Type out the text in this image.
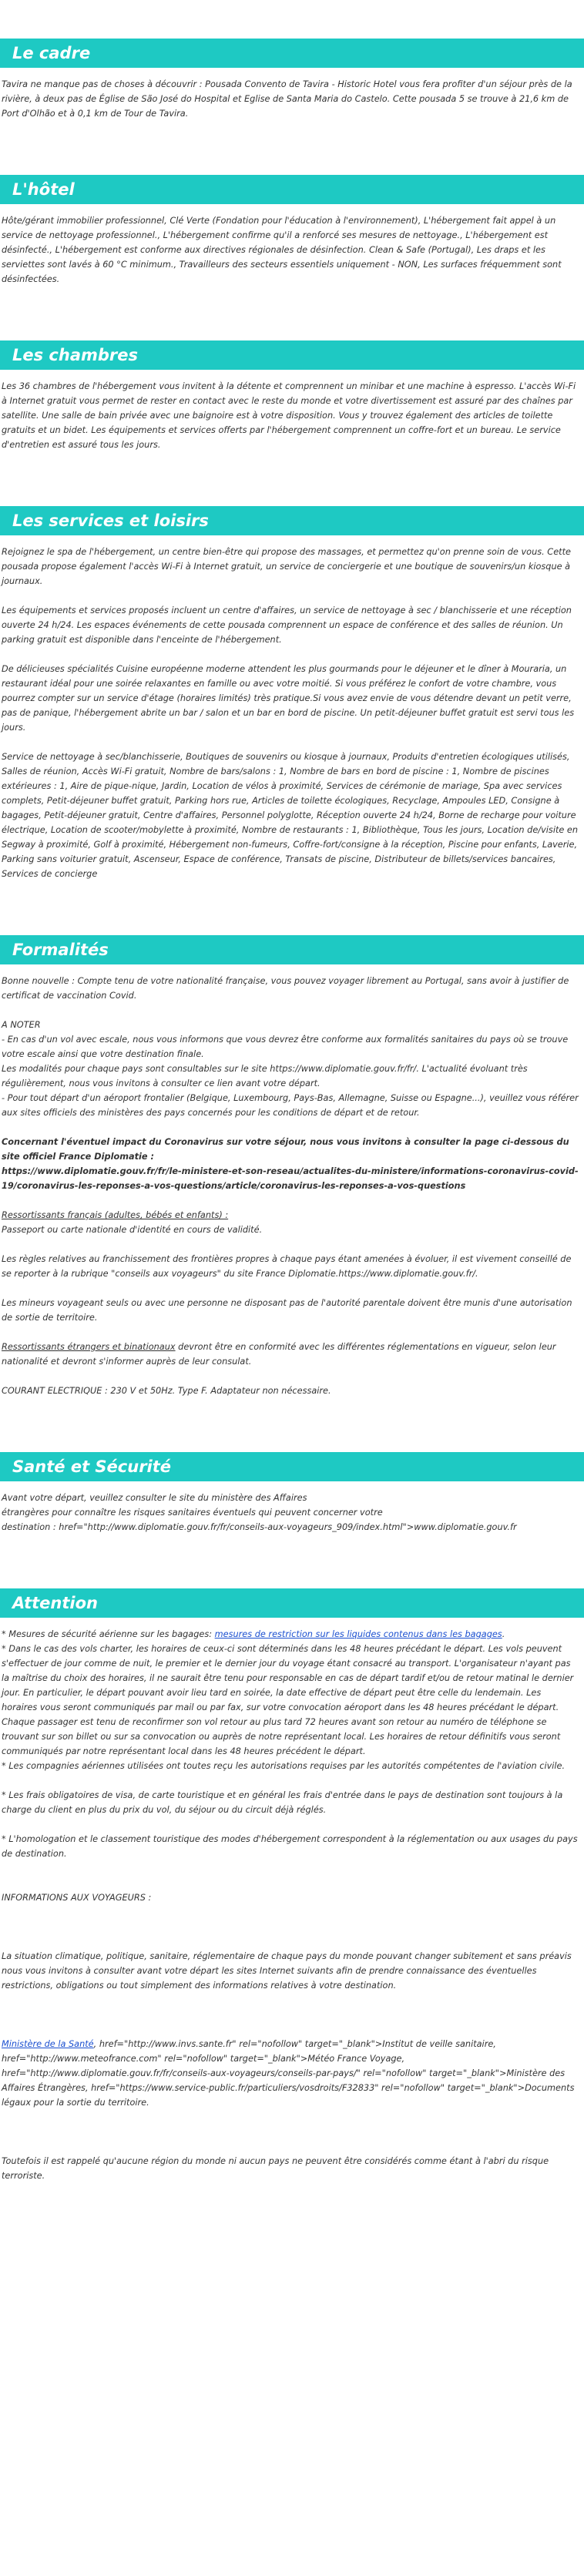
Le cadre

Tavira ne manque pas de choses à découvrir : Pousada Convento de Tavira - Historic Hotel vous fera profiter d'un séjour près de la rivière, à deux pas de Église de São José do Hospital et Eglise de Santa Maria do Castelo. Cette pousada 5 se trouve à 21,6 km de Port d'Olhão et à 0,1 km de Tour de Tavira.

L'hôtel

Hôte/gérant immobilier professionnel, Clé Verte (Fondation pour l'éducation à l'environnement), L'hébergement fait appel à un service de nettoyage professionnel., L'hébergement confirme qu'il a renforcé ses mesures de nettoyage., L'hébergement est désinfecté., L'hébergement est conforme aux directives régionales de désinfection. Clean & Safe (Portugal), Les draps et les serviettes sont lavés à 60 °C minimum., Travailleurs des secteurs essentiels uniquement - NON, Les surfaces fréquemment sont désinfectées.

Les chambres

Les 36 chambres de l'hébergement vous invitent à la détente et comprennent un minibar et une machine à espresso. L'accès Wi-Fi à Internet gratuit vous permet de rester en contact avec le reste du monde et votre divertissement est assuré par des chaînes par satellite. Une salle de bain privée avec une baignoire est à votre disposition. Vous y trouvez également des articles de toilette gratuits et un bidet. Les équipements et services offerts par l'hébergement comprennent un coffre-fort et un bureau. Le service d'entretien est assuré tous les jours.

Les services et loisirs

Rejoignez le spa de l'hébergement, un centre bien-être qui propose des massages, et permettez qu'on prenne soin de vous. Cette pousada propose également l'accès Wi-Fi à Internet gratuit, un service de conciergerie et une boutique de souvenirs/un kiosque à journaux.

Les équipements et services proposés incluent un centre d'affaires, un service de nettoyage à sec / blanchisserie et une réception ouverte 24 h/24. Les espaces événements de cette pousada comprennent un espace de conférence et des salles de réunion. Un parking gratuit est disponible dans l'enceinte de l'hébergement.

De délicieuses spécialités Cuisine européenne moderne attendent les plus gourmands pour le déjeuner et le dîner à Mouraria, un restaurant idéal pour une soirée relaxantes en famille ou avec votre moitié. Si vous préférez le confort de votre chambre, vous pourrez compter sur un service d'étage (horaires limités) très pratique.Si vous avez envie de vous détendre devant un petit verre, pas de panique, l'hébergement abrite un bar / salon et un bar en bord de piscine. Un petit-déjeuner buffet gratuit est servi tous les jours.

Service de nettoyage à sec/blanchisserie, Boutiques de souvenirs ou kiosque à journaux, Produits d'entretien écologiques utilisés, Salles de réunion, Accès Wi-Fi gratuit, Nombre de bars/salons : 1, Nombre de bars en bord de piscine : 1, Nombre de piscines extérieures : 1, Aire de pique-nique, Jardin, Location de vélos à proximité, Services de cérémonie de mariage, Spa avec services complets, Petit-déjeuner buffet gratuit, Parking hors rue, Articles de toilette écologiques, Recyclage, Ampoules LED, Consigne à bagages, Petit-déjeuner gratuit, Centre d'affaires, Personnel polyglotte, Réception ouverte 24 h/24, Borne de recharge pour voiture électrique, Location de scooter/mobylette à proximité, Nombre de restaurants : 1, Bibliothèque, Tous les jours, Location de/visite en Segway à proximité, Golf à proximité, Hébergement non-fumeurs, Coffre-fort/consigne à la réception, Piscine pour enfants, Laverie, Parking sans voiturier gratuit, Ascenseur, Espace de conférence, Transats de piscine, Distributeur de billets/services bancaires, Services de concierge

Formalités

Bonne nouvelle : Compte tenu de votre nationalité française, vous pouvez voyager librement au Portugal, sans avoir à justifier de certificat de vaccination Covid.

A NOTER

- En cas d'un vol avec escale, nous vous informons que vous devrez être conforme aux formalités sanitaires du pays où se trouve votre escale ainsi que votre destination finale.

Les modalités pour chaque pays sont consultables sur le site https://www.diplomatie.gouv.fr/fr/. L'actualité évoluant très régulièrement, nous vous invitons à consulter ce lien avant votre départ.

- Pour tout départ d'un aéroport frontalier (Belgique, Luxembourg, Pays-Bas, Allemagne, Suisse ou Espagne...), veuillez vous référer aux sites officiels des ministères des pays concernés pour les conditions de départ et de retour.

Concernant l'éventuel impact du Coronavirus sur votre séjour, nous vous invitons à consulter la page ci-dessous du site officiel France Diplomatie :

https://www.diplomatie.gouv.fr/fr/le-ministere-et-son-reseau/actualites-du-ministere/informations-coronavirus-covid-19/coronavirus-les-reponses-a-vos-questions/article/coronavirus-les-reponses-a-vos-questions

Ressortissants français (adultes, bébés et enfants) :

Passeport ou carte nationale d'identité en cours de validité.

Les règles relatives au franchissement des frontières propres à chaque pays étant amenées à évoluer, il est vivement conseillé de se reporter à la rubrique "conseils aux voyageurs" du site France Diplomatie.https://www.diplomatie.gouv.fr/.

Les mineurs voyageant seuls ou avec une personne ne disposant pas de l'autorité parentale doivent être munis d'une autorisation de sortie de territoire.

Ressortissants étrangers et binationaux devront être en conformité avec les différentes réglementations en vigueur, selon leur nationalité et devront s'informer auprès de leur consulat.

COURANT ELECTRIQUE : 230 V et 50Hz. Type F. Adaptateur non nécessaire.

Santé et Sécurité

Avant votre départ, veuillez consulter le site du ministère des Affaires

étrangères pour connaître les risques sanitaires éventuels qui peuvent concerner votre

destination : href="http://www.diplomatie.gouv.fr/fr/conseils-aux-voyageurs_909/index.html">www.diplomatie.gouv.fr

Attention

* Mesures de sécurité aérienne sur les bagages: mesures de restriction sur les liquides contenus dans les bagages.

* Dans le cas des vols charter, les horaires de ceux-ci sont déterminés dans les 48 heures précédant le départ. Les vols peuvent s'effectuer de jour comme de nuit, le premier et le dernier jour du voyage étant consacré au transport. L'organisateur n'ayant pas la maîtrise du choix des horaires, il ne saurait être tenu pour responsable en cas de départ tardif et/ou de retour matinal le dernier jour. En particulier, le départ pouvant avoir lieu tard en soirée, la date effective de départ peut être celle du lendemain. Les horaires vous seront communiqués par mail ou par fax, sur votre convocation aéroport dans les 48 heures précédant le départ. Chaque passager est tenu de reconfirmer son vol retour au plus tard 72 heures avant son retour au numéro de téléphone se trouvant sur son billet ou sur sa convocation ou auprès de notre représentant local. Les horaires de retour définitifs vous seront communiqués par notre représentant local dans les 48 heures précédent le départ.

* Les compagnies aériennes utilisées ont toutes reçu les autorisations requises par les autorités compétentes de l'aviation civile.

* Les frais obligatoires de visa, de carte touristique et en général les frais d'entrée dans le pays de destination sont toujours à la charge du client en plus du prix du vol, du séjour ou du circuit déjà réglés.

* L'homologation et le classement touristique des modes d'hébergement correspondent à la réglementation ou aux usages du pays de destination.

INFORMATIONS AUX VOYAGEURS :

La situation climatique, politique, sanitaire, réglementaire de chaque pays du monde pouvant changer subitement et sans préavis

nous vous invitons à consulter avant votre départ les sites Internet suivants afin de prendre connaissance des éventuelles restrictions, obligations ou tout simplement des informations relatives à votre destination.

Ministère de la Santé, href="http://www.invs.sante.fr" rel="nofollow" target="_blank">Institut de veille sanitaire, href="http://www.meteofrance.com" rel="nofollow" target="_blank">Météo France Voyage, href="http://www.diplomatie.gouv.fr/fr/conseils-aux-voyageurs/conseils-par-pays/" rel="nofollow" target="_blank">Ministère des Affaires Étrangères, href="https://www.service-public.fr/particuliers/vosdroits/F32833" rel="nofollow" target="_blank">Documents légaux pour la sortie du territoire.

Toutefois il est rappelé qu'aucune région du monde ni aucun pays ne peuvent être considérés comme étant à l'abri du risque terroriste.
